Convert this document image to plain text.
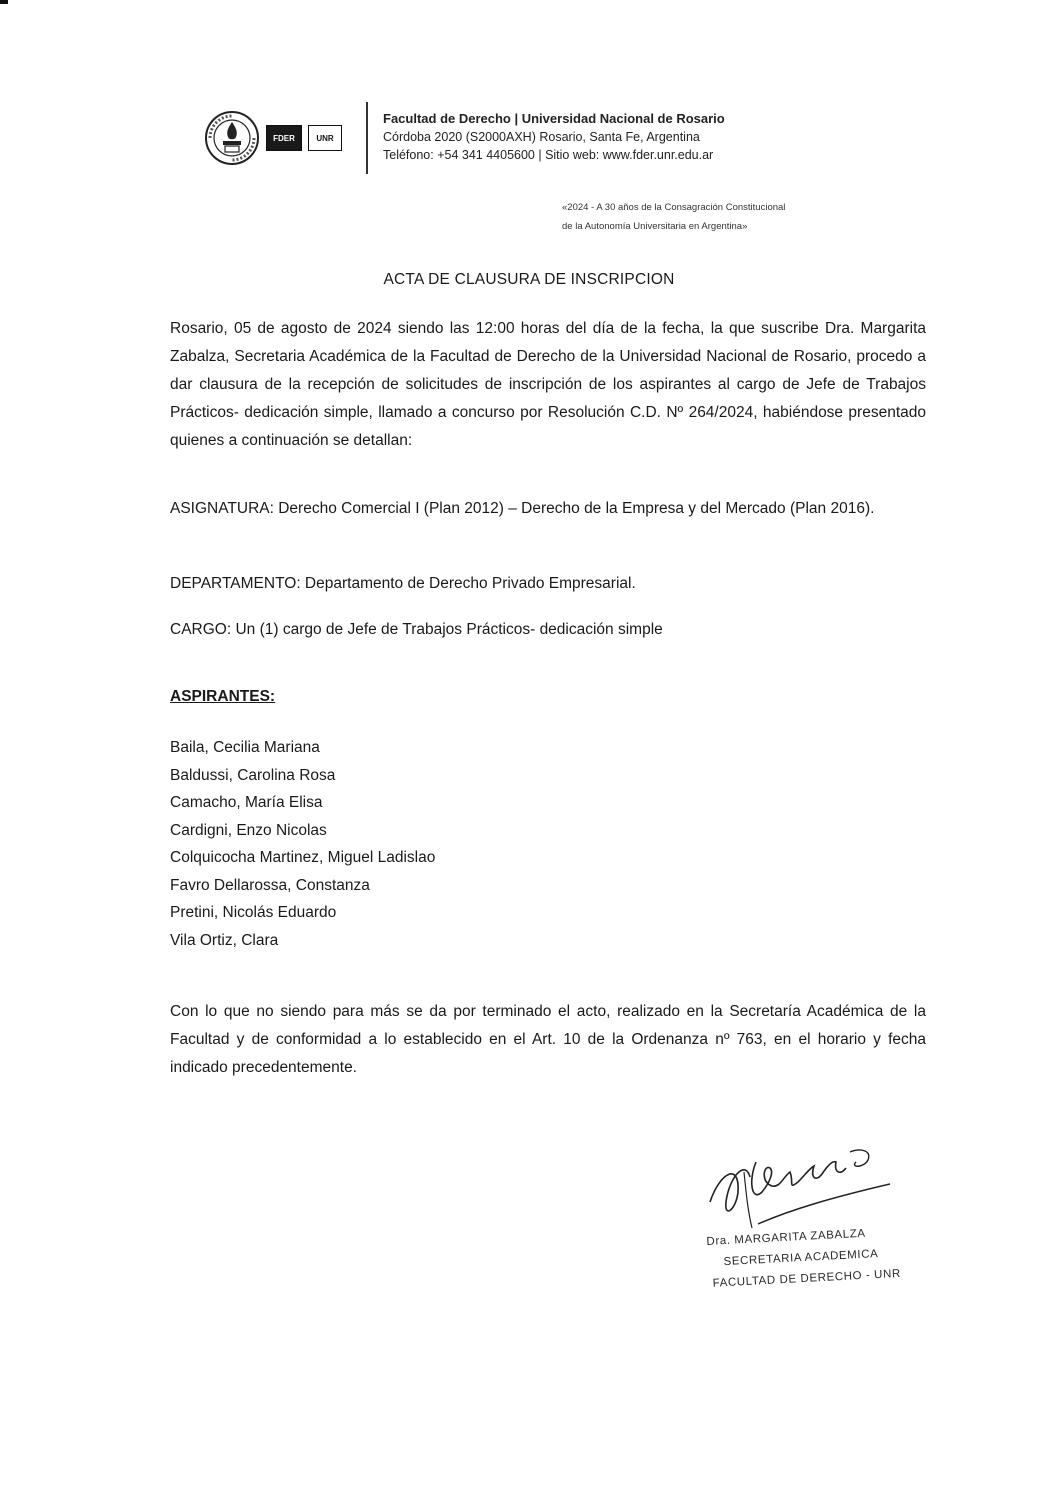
FDER	UNR
Facultad de Derecho | Universidad Nacional de Rosario
Córdoba 2020 (S2000AXH) Rosario, Santa Fe, Argentina
Teléfono: +54 341 4405600 | Sitio web: www.fder.unr.edu.ar
«2024 - A 30 años de la Consagración Constitucional
de la Autonomía Universitaria en Argentina»
ACTA DE CLAUSURA DE INSCRIPCION
Rosario, 05 de agosto de 2024 siendo las 12:00 horas del día de la fecha, la que suscribe Dra. Margarita Zabalza, Secretaria Académica de la Facultad de Derecho de la Universidad Nacional de Rosario, procedo a dar clausura de la recepción de solicitudes de inscripción de los aspirantes al cargo de Jefe de Trabajos Prácticos- dedicación simple, llamado a concurso por Resolución C.D. Nº 264/2024, habiéndose presentado quienes a continuación se detallan:
ASIGNATURA: Derecho Comercial I (Plan 2012) – Derecho de la Empresa y del Mercado (Plan 2016).
DEPARTAMENTO: Departamento de Derecho Privado Empresarial.
CARGO: Un (1) cargo de Jefe de Trabajos Prácticos- dedicación simple
ASPIRANTES:
Baila, Cecilia Mariana
Baldussi, Carolina Rosa
Camacho, María Elisa
Cardigni, Enzo Nicolas
Colquicocha Martinez, Miguel Ladislao
Favro Dellarossa, Constanza
Pretini, Nicolás Eduardo
Vila Ortiz, Clara
Con lo que no siendo para más se da por terminado el acto, realizado en la Secretaría Académica de la Facultad y de conformidad a lo establecido en el Art. 10 de la Ordenanza nº 763, en el horario y fecha indicado precedentemente.
Dra. MARGARITA ZABALZA
SECRETARIA ACADEMICA
FACULTAD DE DERECHO - UNR
